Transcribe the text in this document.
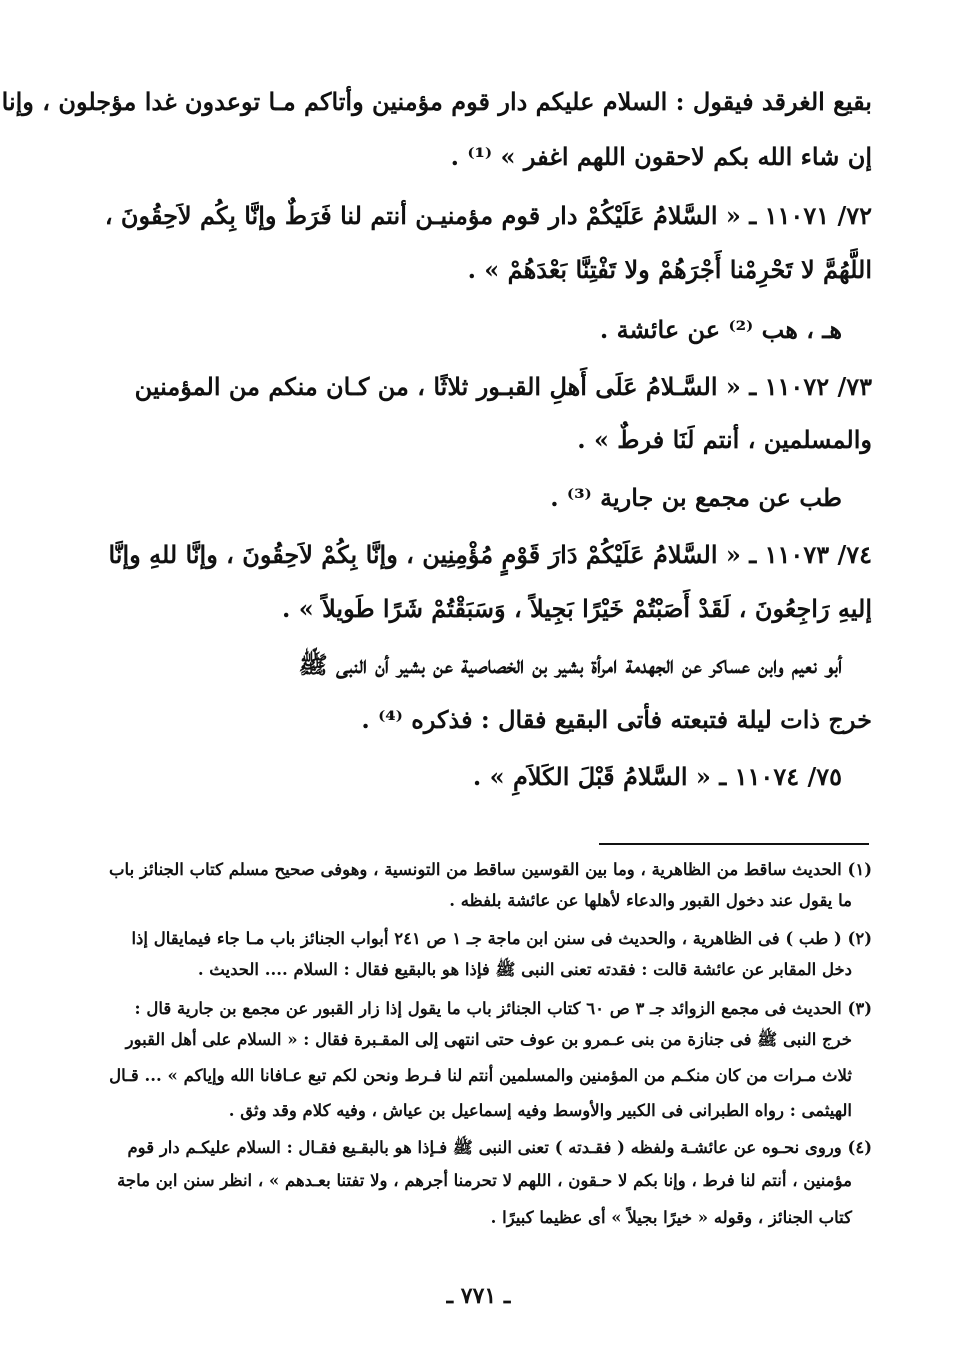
بقيع الغرقد فيقول : السلام عليكم دار قوم مؤمنين وأتاكم مـا توعدون غدا مؤجلون ، وإنا
إن شاء الله بكم لاحقون اللهم اغفر » ⁽¹⁾ .
٧٢/ ١١٠٧١ ـ « السَّلامُ عَلَيْكُمْ دار قوم مؤمنيـن أنتم لنا فَرَطٌ وإنَّا بِكُم لاَحِقُونَ ،
اللَّهُمَّ لا تَحْرِمْنا أَجْرَهُمْ ولا تَفْتِنَّا بَعْدَهُمْ » .
هـ ، هب ⁽²⁾ عن عائشة .
٧٣/ ١١٠٧٢ ـ « السَّـلامُ عَلَى أَهلِ القبـور ثلاثًا ، من كـان منكم من المؤمنين
والمسلمين ، أنتم لَنَا فرطٌ » .
طب عن مجمع بن جارية ⁽³⁾ .
٧٤/ ١١٠٧٣ ـ « السَّلامُ عَلَيْكُمْ دَارَ قَوْمٍ مُؤْمِنِين ، وإنَّا بِكُمْ لاَحِقُونَ ، وإنَّا للهِ وإنَّا
إليهِ رَاجِعُونَ ، لَقَدْ أَصَبْتُمْ خَيْرًا بَجِيلاً ، وَسَبَقْتُمْ شَرًا طَويلاً » .
أبو نعيم وابن عساكر عن الجهدمة امرأة بشير بن الخصاصية عن بشير أن النبى ﷺ
خرج ذات ليلة فتبعته فأتى البقيع فقال : فذكره ⁽⁴⁾ .
٧٥/ ١١٠٧٤ ـ « السَّلامُ قَبْلَ الكَلاَمِ » .
(١) الحديث ساقط من الظاهرية ، وما بين القوسين ساقط من التونسية ، وهوفى صحيح مسلم كتاب الجنائز باب
ما يقول عند دخول القبور والدعاء لأهلها عن عائشة بلفظه .
(٢) ( طب ) فى الظاهرية ، والحديث فى سنن ابن ماجة جـ ١ ص ٢٤١ أبواب الجنائز باب مـا جاء فيمايقال إذا
دخل المقابر عن عائشة قالت : فقدته تعنى النبى ﷺ فإذا هو بالبقيع فقال : السلام .... الحديث .
(٣) الحديث فى مجمع الزوائد جـ ٣ ص ٦٠ كتاب الجنائز باب ما يقول إذا زار القبور عن مجمع بن جارية قال :
خرج النبى ﷺ فى جنازة من بنى عـمرو بن عوف حتى انتهى إلى المقـبرة فقال : « السلام على أهل القبور
ثلاث مـرات من كان منكـم من المؤمنين والمسلمين أنتم لنا فـرط ونحن لكم تبع عـافانا الله وإياكم » ... قـال
الهيثمى : رواه الطبرانى فى الكبير والأوسط وفيه إسماعيل بن عياش ، وفيه كلام وقد وثق .
(٤) وروى نحـوه عن عائشـة ولفظه ( فقـدته ) تعنى النبى ﷺ فـإذا هو بالبقـيع فقـال : السلام عليكـم دار قوم
مؤمنين ، أنتم لنا فرط ، وإنا بكم لا حـقون ، اللهم لا تحرمنا أجرهم ، ولا تفتنا بعـدهم » ، انظر سنن ابن ماجة
كتاب الجنائز ، وقوله « خيرًا بجيلاً » أى عظيما كبيرًا .
ـ ٧٧١ ـ
